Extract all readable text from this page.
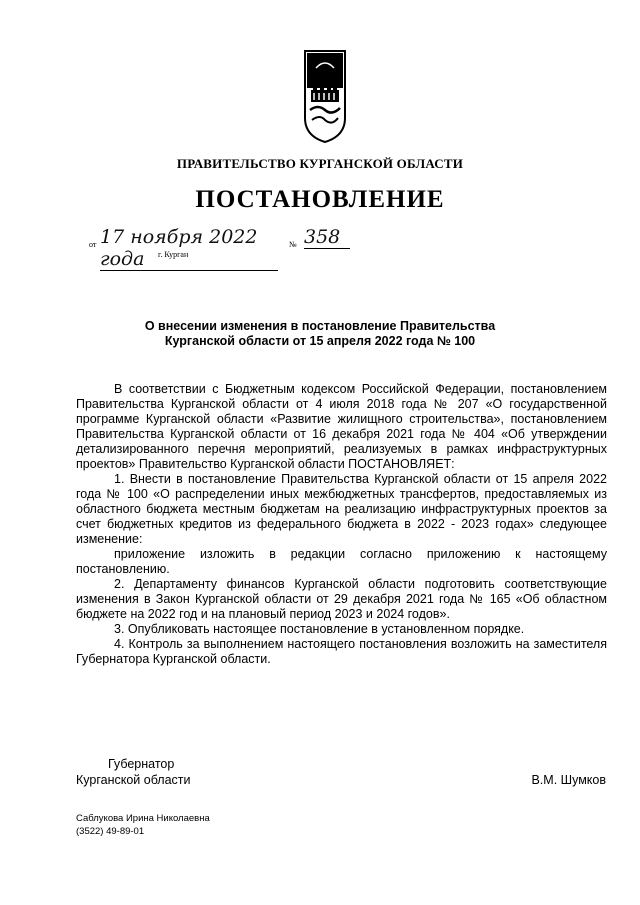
ПРАВИТЕЛЬСТВО КУРГАНСКОЙ ОБЛАСТИ
ПОСТАНОВЛЕНИЕ
от 17 ноября 2022 года
№ 358
г. Курган
О внесении изменения в постановление Правительства
Курганской области от 15 апреля 2022 года № 100

В соответствии с Бюджетным кодексом Российской Федерации, постановлением Правительства Курганской области от 4 июля 2018 года № 207 «О государственной программе Курганской области «Развитие жилищного строительства», постановлением Правительства Курганской области от 16 декабря 2021 года № 404 «Об утверждении детализированного перечня мероприятий, реализуемых в рамках инфраструктурных проектов» Правительство Курганской области ПОСТАНОВЛЯЕТ:

1. Внести в постановление Правительства Курганской области от 15 апреля 2022 года № 100 «О распределении иных межбюджетных трансфертов, предоставляемых из областного бюджета местным бюджетам на реализацию инфраструктурных проектов за счет бюджетных кредитов из федерального бюджета в 2022 - 2023 годах» следующее изменение:

приложение изложить в редакции согласно приложению к настоящему постановлению.

2. Департаменту финансов Курганской области подготовить соответствующие изменения в Закон Курганской области от 29 декабря 2021 года № 165 «Об областном бюджете на 2022 год и на плановый период 2023 и 2024 годов».

3. Опубликовать настоящее постановление в установленном порядке.

4. Контроль за выполнением настоящего постановления возложить на заместителя Губернатора Курганской области.

Губернатор
Курганской области	В.М. Шумков
Саблукова Ирина Николаевна
(3522) 49-89-01
